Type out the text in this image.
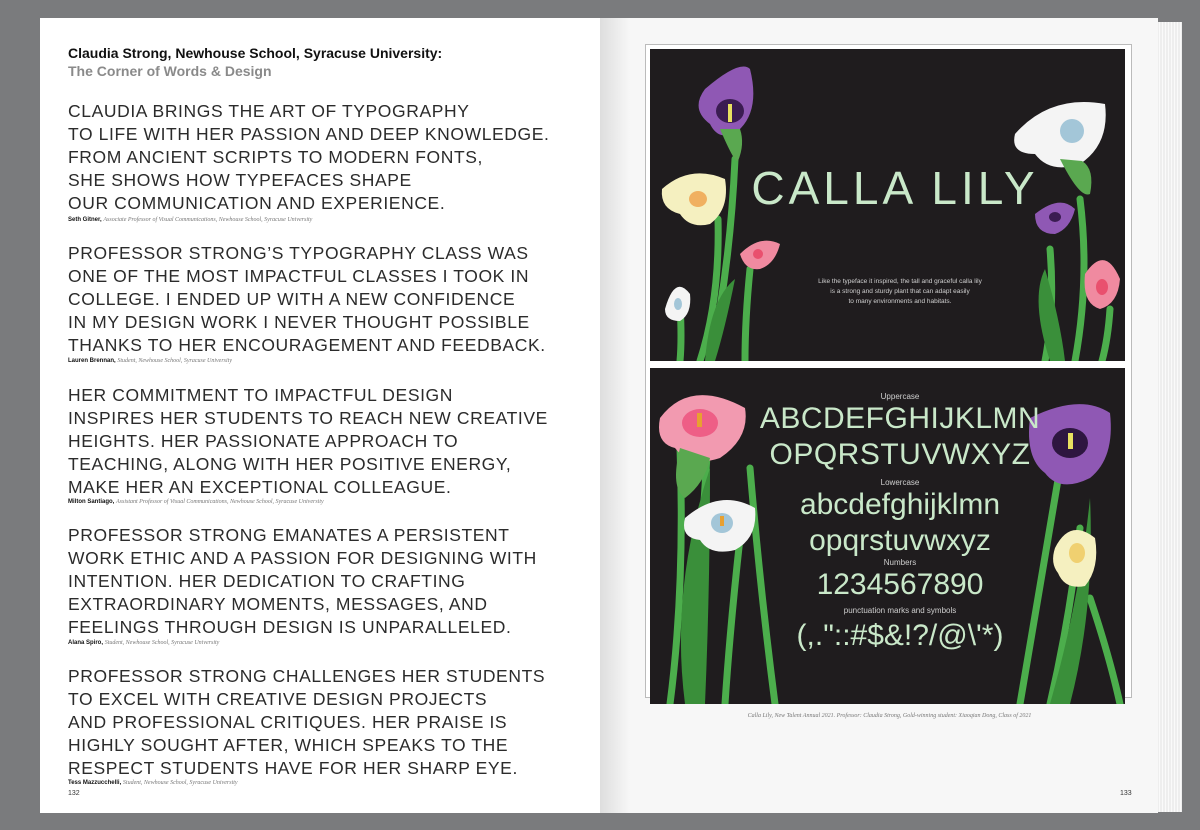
Claudia Strong, Newhouse School, Syracuse University:
The Corner of Words & Design
CLAUDIA BRINGS THE ART OF TYPOGRAPHY
TO LIFE WITH HER PASSION AND DEEP KNOWLEDGE.
FROM ANCIENT SCRIPTS TO MODERN FONTS,
SHE SHOWS HOW TYPEFACES SHAPE
OUR COMMUNICATION AND EXPERIENCE.
Seth Gitner, Associate Professor of Visual Communications, Newhouse School, Syracuse University
PROFESSOR STRONG’S TYPOGRAPHY CLASS WAS
ONE OF THE MOST IMPACTFUL CLASSES I TOOK IN
COLLEGE. I ENDED UP WITH A NEW CONFIDENCE
IN MY DESIGN WORK I NEVER THOUGHT POSSIBLE
THANKS TO HER ENCOURAGEMENT AND FEEDBACK.
Lauren Brennan, Student, Newhouse School, Syracuse University
HER COMMITMENT TO IMPACTFUL DESIGN
INSPIRES HER STUDENTS TO REACH NEW CREATIVE
HEIGHTS. HER PASSIONATE APPROACH TO
TEACHING, ALONG WITH HER POSITIVE ENERGY,
MAKE HER AN EXCEPTIONAL COLLEAGUE.
Milton Santiago, Assistant Professor of Visual Communications, Newhouse School, Syracuse University
PROFESSOR STRONG EMANATES A PERSISTENT
WORK ETHIC AND A PASSION FOR DESIGNING WITH
INTENTION. HER DEDICATION TO CRAFTING
EXTRAORDINARY MOMENTS, MESSAGES, AND
FEELINGS THROUGH DESIGN IS UNPARALLELED.
Alana Spiro, Student, Newhouse School, Syracuse University
PROFESSOR STRONG CHALLENGES HER STUDENTS
TO EXCEL WITH CREATIVE DESIGN PROJECTS
AND PROFESSIONAL CRITIQUES. HER PRAISE IS
HIGHLY SOUGHT AFTER, WHICH SPEAKS TO THE
RESPECT STUDENTS HAVE FOR HER SHARP EYE.
Tess Mazzucchelli, Student, Newhouse School, Syracuse University
132
CALLA LILY
Like the typeface it inspired, the tall and graceful calla lily
is a strong and sturdy plant that can adapt easily
to many environments and habitats.
Uppercase
ABCDEFGHIJKLMN
OPQRSTUVWXYZ
Lowercase
abcdefghijklmn
opqrstuvwxyz
Numbers
1234567890
punctuation marks and symbols
(,."::#$&!?/@\'*)
Calla Lily, New Talent Annual 2021. Professor: Claudia Strong, Gold-winning student: Xiaoqian Dong, Class of 2021
133
